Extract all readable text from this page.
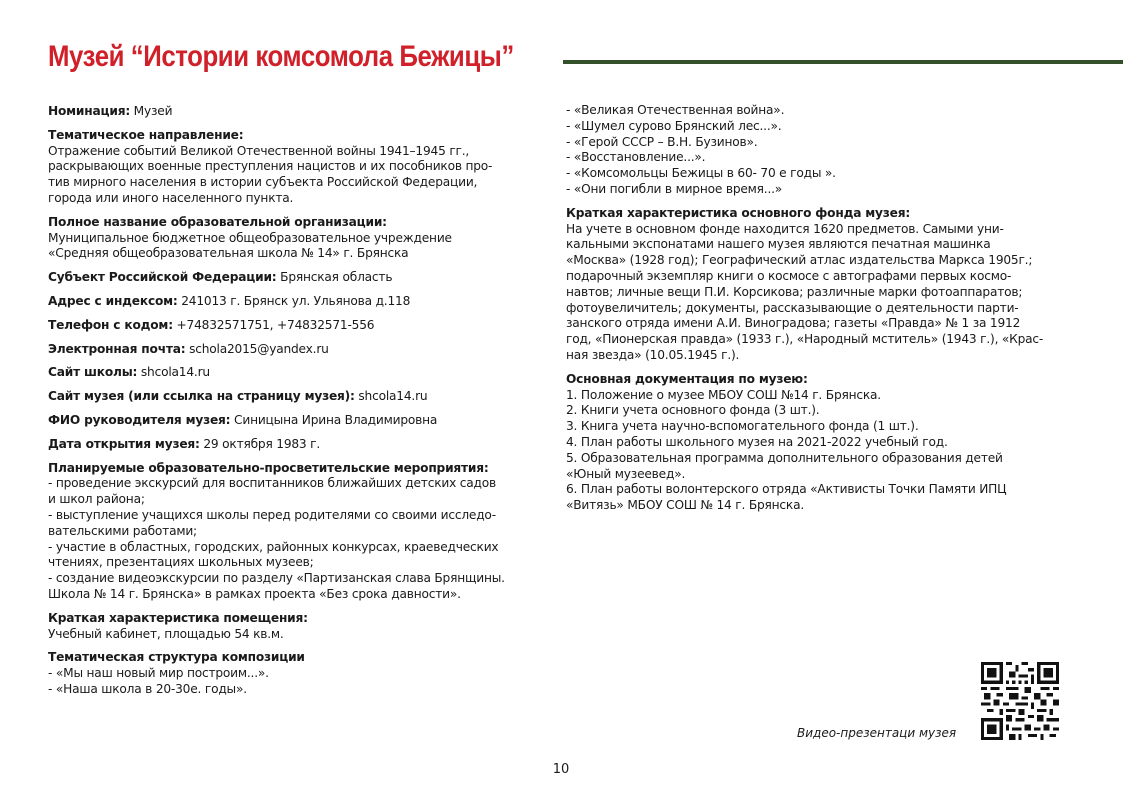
Музей “Истории комсомола Бежицы”
Номинация: Музей
Тематическое направление:
Отражение событий Великой Отечественной войны 1941–1945 гг.,
раскрывающих военные преступления нацистов и их пособников про-
тив мирного населения в истории субъекта Российской Федерации,
города или иного населенного пункта.
Полное название образовательной организации:
Муниципальное бюджетное общеобразовательное учреждение
«Средняя общеобразовательная школа № 14» г. Брянска
Субъект Российской Федерации: Брянская область
Адрес с индексом: 241013 г. Брянск ул. Ульянова д.118
Телефон с кодом: +74832571751, +74832571-556
Электронная почта: schola2015@yandex.ru
Сайт школы: shcola14.ru
Сайт музея (или ссылка на страницу музея): shcola14.ru
ФИО руководителя музея: Синицына Ирина Владимировна
Дата открытия музея: 29 октября 1983 г.
Планируемые образовательно-просветительские мероприятия:
- проведение экскурсий для воспитанников ближайших детских садов
и школ района;
- выступление учащихся школы перед родителями со своими исследо-
вательскими работами;
- участие в областных, городских, районных конкурсах, краеведческих
чтениях, презентациях школьных музеев;
- создание видеоэкскурсии по разделу «Партизанская слава Брянщины.
Школа № 14 г. Брянска» в рамках проекта «Без срока давности».
Краткая характеристика помещения:
Учебный кабинет, площадью 54 кв.м.
Тематическая структура композиции
- «Мы наш новый мир построим...».
- «Наша школа в 20-30е. годы».
- «Великая Отечественная война».
- «Шумел сурово Брянский лес...».
- «Герой СССР – В.Н. Бузинов».
- «Восстановление...».
- «Комсомольцы Бежицы в 60- 70 е годы ».
- «Они погибли в мирное время...»
Краткая характеристика основного фонда музея:
На учете в основном фонде находится 1620 предметов. Самыми уни-
кальными экспонатами нашего музея являются печатная машинка
«Москва» (1928 год); Географический атлас издательства Маркса 1905г.;
подарочный экземпляр книги о космосе с автографами первых космо-
навтов; личные вещи П.И. Корсикова; различные марки фотоаппаратов;
фотоувеличитель; документы, рассказывающие о деятельности парти-
занского отряда имени А.И. Виноградова; газеты «Правда» № 1 за 1912
год, «Пионерская правда» (1933 г.), «Народный мститель» (1943 г.), «Крас-
ная звезда» (10.05.1945 г.).
Основная документация по музею:
1. Положение о музее МБОУ СОШ №14 г. Брянска.
2. Книги учета основного фонда (3 шт.).
3. Книга учета научно-вспомогательного фонда (1 шт.).
4. План работы школьного музея на 2021-2022 учебный год.
5. Образовательная программа дополнительного образования детей
«Юный музеевед».
6. План работы волонтерского отряда «Активисты Точки Памяти ИПЦ
«Витязь» МБОУ СОШ № 14 г. Брянска.
Видео-презентаци музея
10
